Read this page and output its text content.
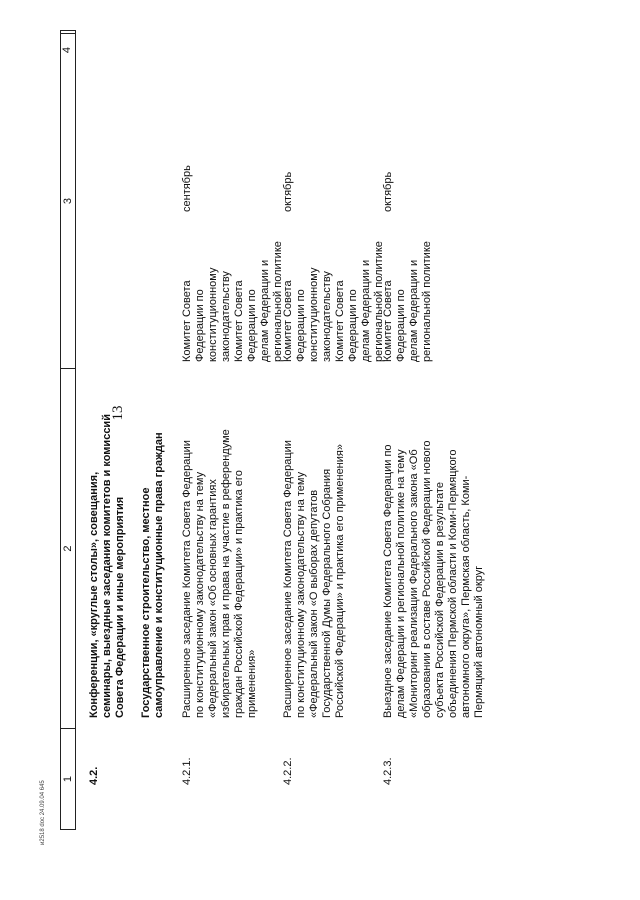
13
и2518 doc 24.09.04 645
1
2
3
4
4.2.
Конференции, «круглые столы», совещания, семинары, выездные заседания комитетов и комиссий Совета Федерации и иные мероприятия Государственное строительство, местное самоуправление и конституционные права граждан
4.2.1.
Расширенное заседание Комитета Совета Федерации по конституционному законодательству на тему «Федеральный закон «Об основных гарантиях избирательных прав и права на участие в референдуме граждан Российской Федерации» и практика его применения»
Комитет Совета Федерации по конституционному законодательству Комитет Совета Федерации по делам Федерации и региональной политике
сентябрь
4.2.2.
Расширенное заседание Комитета Совета Федерации по конституционному законодательству на тему «Федеральный закон «О выборах депутатов Государственной Думы Федерального Собрания Российской Федерации» и практика его применения»
Комитет Совета Федерации по конституционному законодательству Комитет Совета Федерации по делам Федерации и региональной политике
октябрь
4.2.3.
Выездное заседание Комитета Совета Федерации по делам Федерации и региональной политике на тему «Мониторинг реализации Федерального закона «Об образовании в составе Российской Федерации нового субъекта Российской Федерации в результате объединения Пермской области и Коми-Пермяцкого автономного округа», Пермская область, Коми- Пермяцкий автономный округ
Комитет Совета Федерации по делам Федерации и региональной политике
октябрь
